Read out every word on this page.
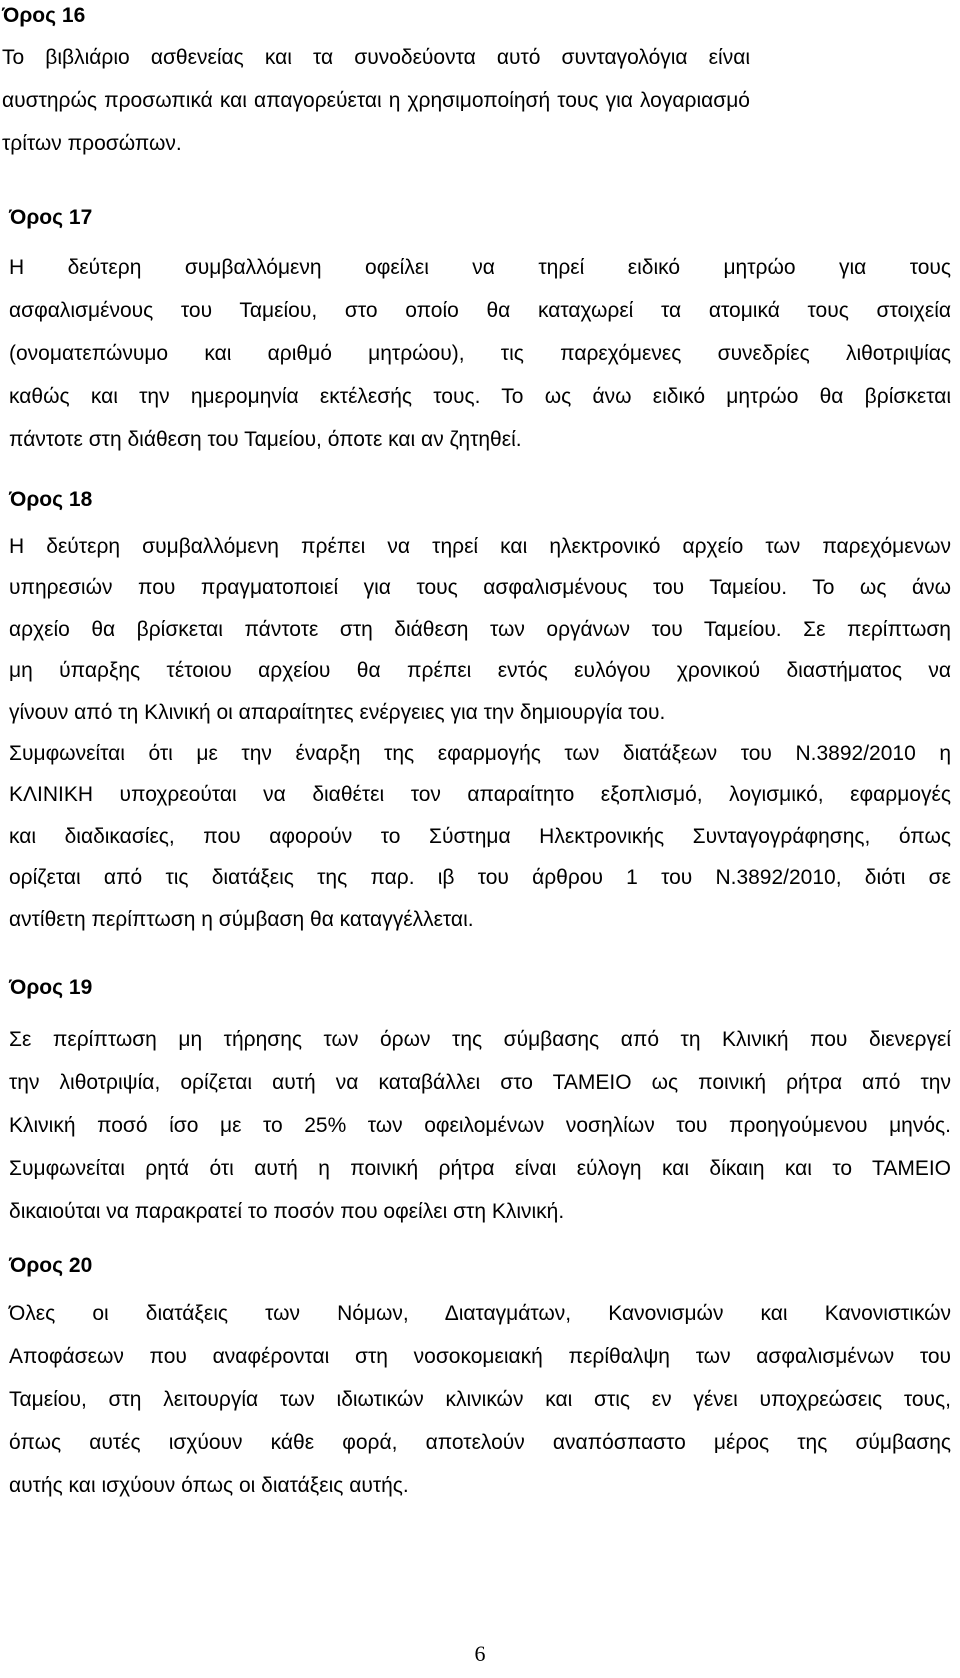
Όρος 16

Το βιβλιάριο ασθενείας και τα συνοδεύοντα αυτό συνταγολόγια είναι
αυστηρώς προσωπικά και απαγορεύεται η χρησιμοποίησή τους για λογαριασμό
τρίτων προσώπων.

Όρος 17

Η δεύτερη συμβαλλόμενη οφείλει να τηρεί ειδικό μητρώο για τους
ασφαλισμένους του Ταμείου, στο οποίο θα καταχωρεί τα ατομικά τους στοιχεία
(ονοματεπώνυμο και αριθμό μητρώου), τις παρεχόμενες συνεδρίες λιθοτριψίας
καθώς και την ημερομηνία εκτέλεσής τους. Το ως άνω ειδικό μητρώο θα βρίσκεται
πάντοτε στη διάθεση του Ταμείου, όποτε και αν ζητηθεί.

Όρος 18

Η δεύτερη συμβαλλόμενη πρέπει να τηρεί και ηλεκτρονικό αρχείο των παρεχόμενων
υπηρεσιών που πραγματοποιεί για τους ασφαλισμένους του Ταμείου. Το ως άνω
αρχείο θα βρίσκεται πάντοτε στη διάθεση των οργάνων του Ταμείου. Σε περίπτωση
μη ύπαρξης τέτοιου αρχείου θα πρέπει εντός ευλόγου χρονικού διαστήματος να
γίνουν από τη Κλινική οι απαραίτητες ενέργειες για την δημιουργία του.
Συμφωνείται ότι με την έναρξη της εφαρμογής των διατάξεων του Ν.3892/2010 η
ΚΛΙΝΙΚΗ υποχρεούται να διαθέτει τον απαραίτητο εξοπλισμό, λογισμικό, εφαρμογές
και διαδικασίες, που αφορούν το Σύστημα Ηλεκτρονικής Συνταγογράφησης, όπως
ορίζεται από τις διατάξεις της παρ. ιβ του άρθρου 1 του Ν.3892/2010, διότι σε
αντίθετη περίπτωση η σύμβαση θα καταγγέλλεται.

Όρος 19

Σε περίπτωση μη τήρησης των όρων της σύμβασης από τη Κλινική που διενεργεί
την λιθοτριψία, ορίζεται αυτή να καταβάλλει στο ΤΑΜΕΙΟ ως ποινική ρήτρα από την
Κλινική ποσό ίσο με το 25% των οφειλομένων νοσηλίων του προηγούμενου μηνός.
Συμφωνείται ρητά ότι αυτή η ποινική ρήτρα είναι εύλογη και δίκαιη και το ΤΑΜΕΙΟ
δικαιούται να παρακρατεί το ποσόν που οφείλει στη Κλινική.

Όρος 20

Όλες οι διατάξεις των Νόμων, Διαταγμάτων, Κανονισμών και Κανονιστικών
Αποφάσεων που αναφέρονται στη νοσοκομειακή περίθαλψη των ασφαλισμένων του
Ταμείου, στη λειτουργία των ιδιωτικών κλινικών και στις εν γένει υποχρεώσεις τους,
όπως αυτές ισχύουν κάθε φορά, αποτελούν αναπόσπαστο μέρος της σύμβασης
αυτής και ισχύουν όπως οι διατάξεις αυτής.

6
